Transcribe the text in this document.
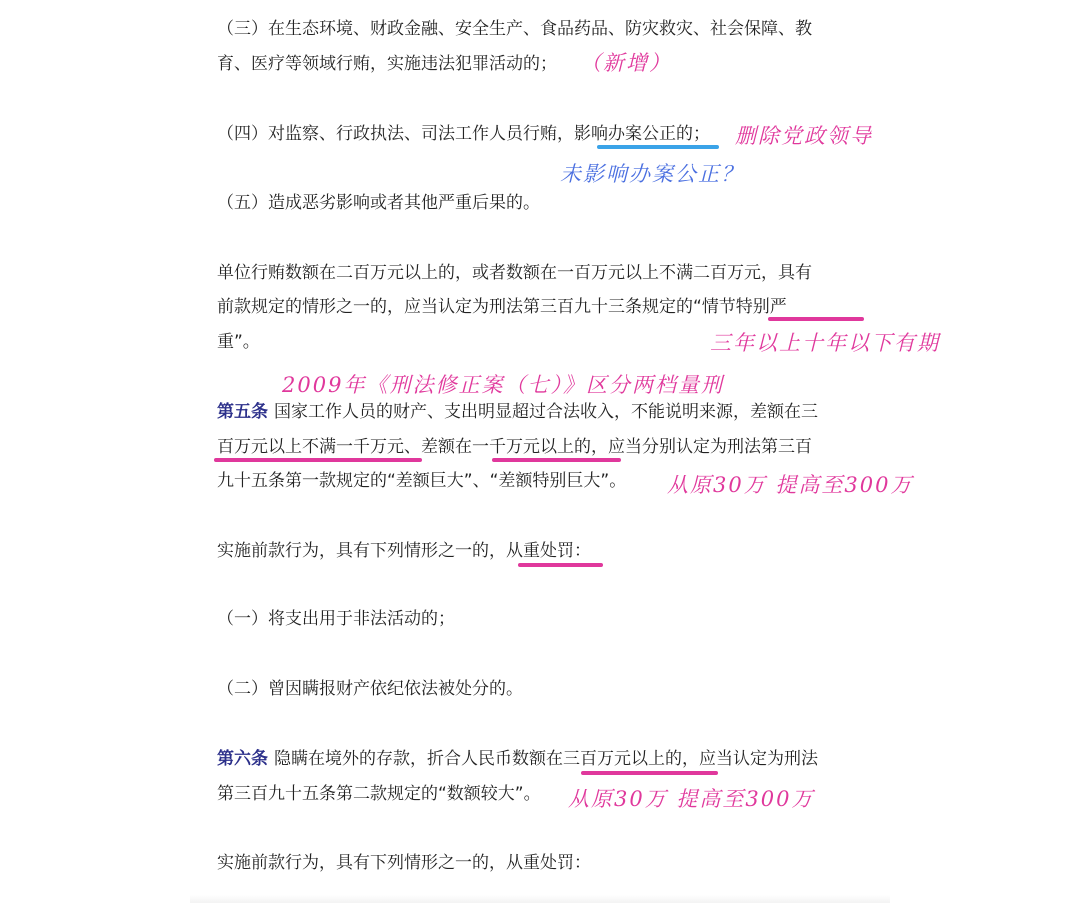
（三）在生态环境、财政金融、安全生产、食品药品、防灾救灾、社会保障、教
育、医疗等领域行贿，实施违法犯罪活动的；
（四）对监察、行政执法、司法工作人员行贿，影响办案公正的；
（五）造成恶劣影响或者其他严重后果的。
单位行贿数额在二百万元以上的，或者数额在一百万元以上不满二百万元，具有
前款规定的情形之一的，应当认定为刑法第三百九十三条规定的“情节特别严
重”。
第五条 国家工作人员的财产、支出明显超过合法收入，不能说明来源，差额在三
百万元以上不满一千万元、差额在一千万元以上的，应当分别认定为刑法第三百
九十五条第一款规定的“差额巨大”、“差额特别巨大”。
实施前款行为，具有下列情形之一的，从重处罚：
（一）将支出用于非法活动的；
（二）曾因瞒报财产依纪依法被处分的。
第六条 隐瞒在境外的存款，折合人民币数额在三百万元以上的，应当认定为刑法
第三百九十五条第二款规定的“数额较大”。
实施前款行为，具有下列情形之一的，从重处罚：
（新增）
删除党政领导
未影响办案公正？
三年以上十年以下有期
2009年《刑法修正案（七）》区分两档量刑
从原30万 提高至300万
从原30万 提高至300万
